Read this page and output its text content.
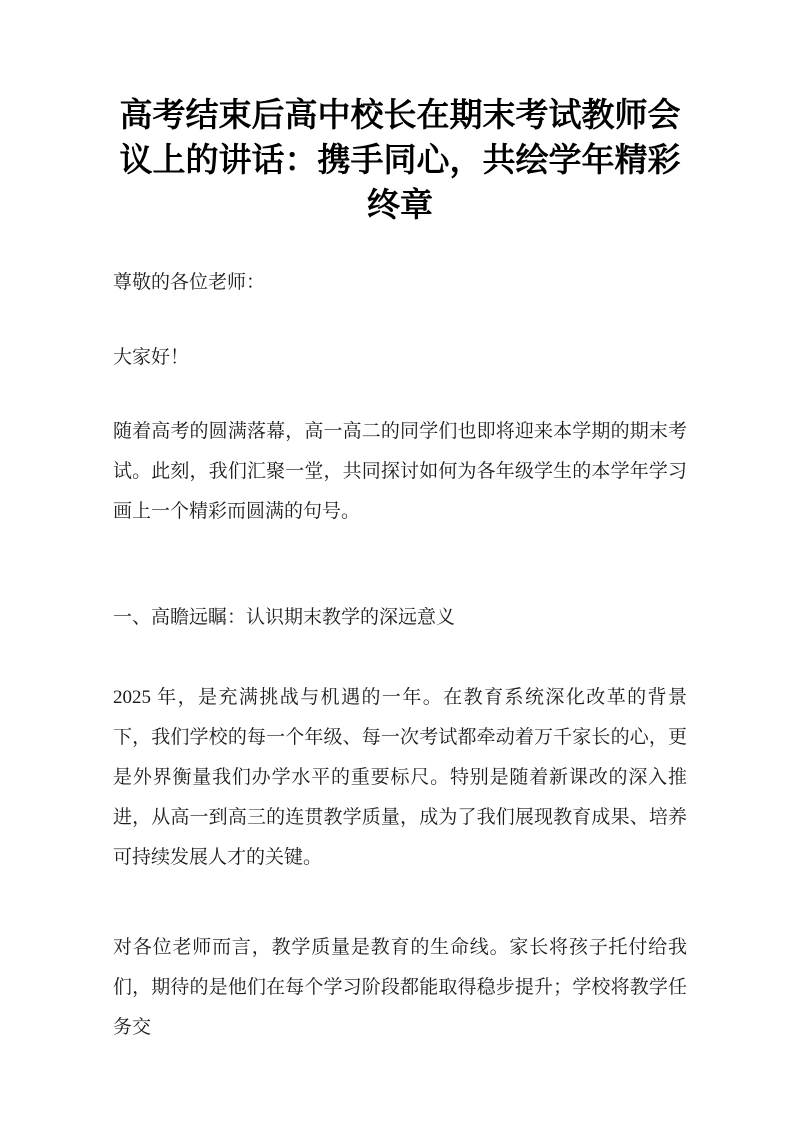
高考结束后高中校长在期末考试教师会议上的讲话：携手同心，共绘学年精彩终章

尊敬的各位老师：

大家好！

随着高考的圆满落幕，高一高二的同学们也即将迎来本学期的期末考试。此刻，我们汇聚一堂，共同探讨如何为各年级学生的本学年学习画上一个精彩而圆满的句号。

一、高瞻远瞩：认识期末教学的深远意义

2025 年，是充满挑战与机遇的一年。在教育系统深化改革的背景下，我们学校的每一个年级、每一次考试都牵动着万千家长的心，更是外界衡量我们办学水平的重要标尺。特别是随着新课改的深入推进，从高一到高三的连贯教学质量，成为了我们展现教育成果、培养可持续发展人才的关键。

对各位老师而言，教学质量是教育的生命线。家长将孩子托付给我们，期待的是他们在每个学习阶段都能取得稳步提升；学校将教学任务交
